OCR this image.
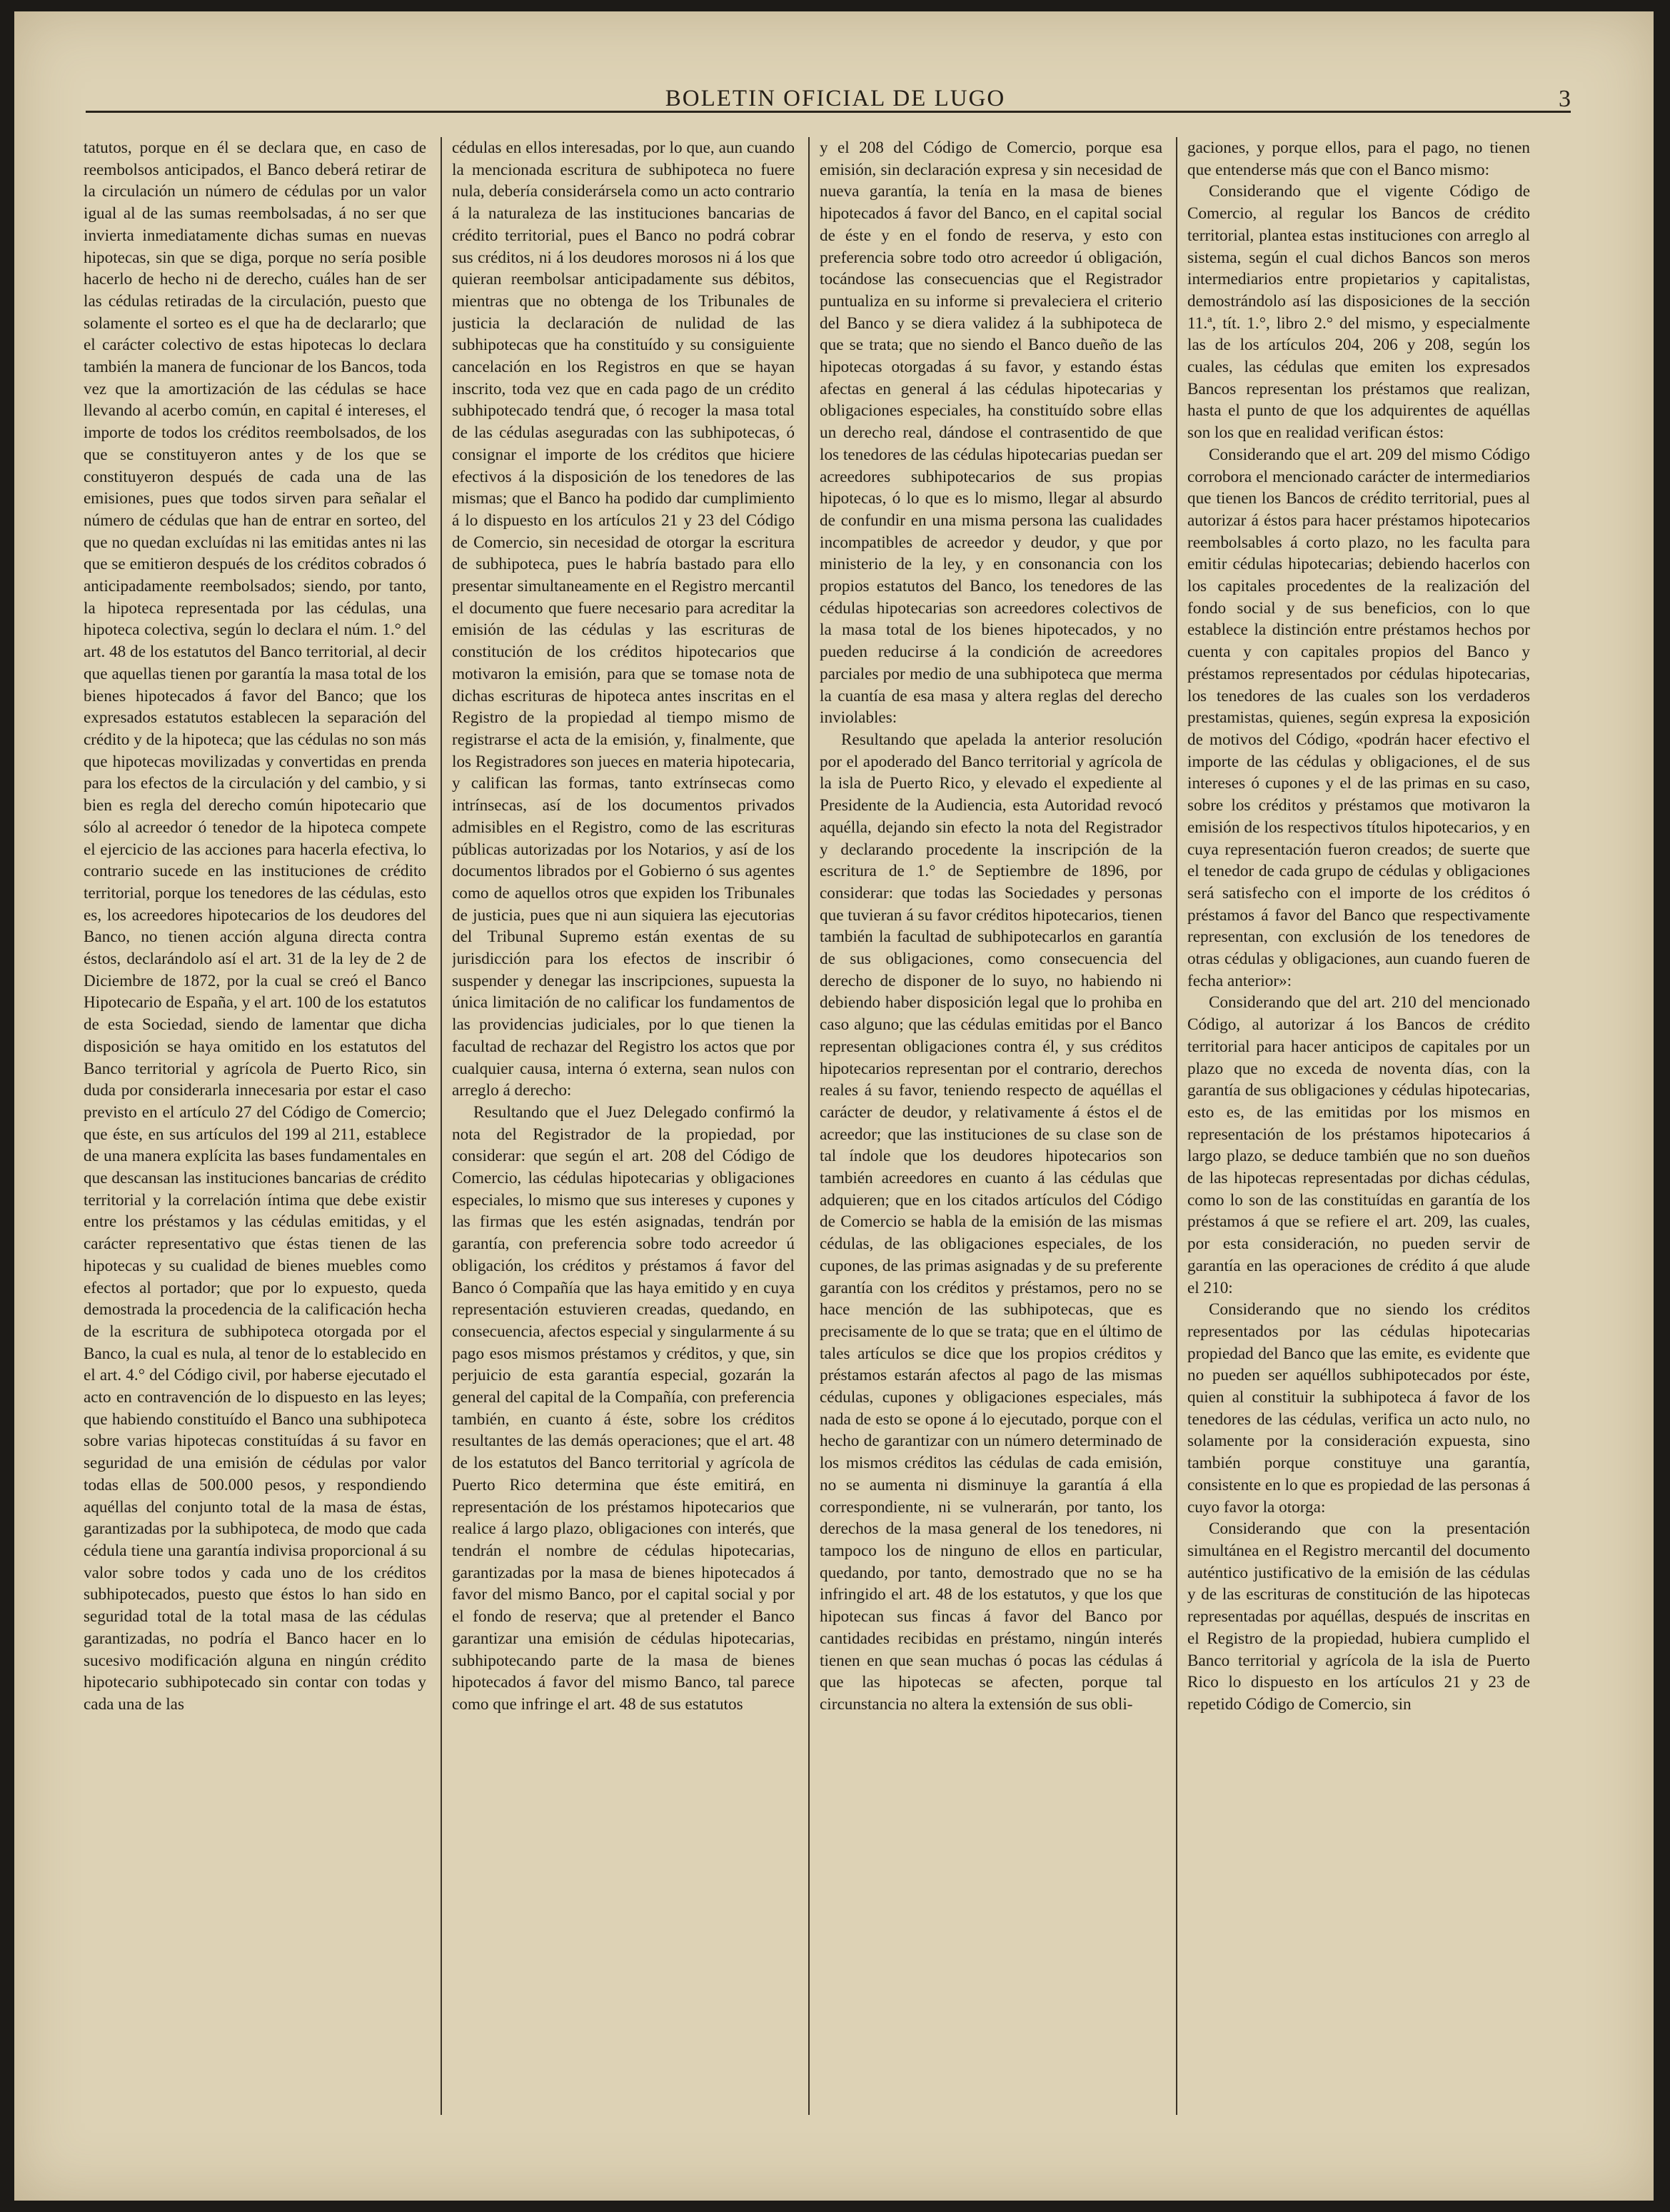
BOLETIN OFICIAL DE LUGO	3

tatutos, porque en él se declara que, en caso de reembolsos anticipados, el Banco deberá retirar de la circulación un número de cédulas por un valor igual al de las sumas reembolsadas, á no ser que invierta inmediatamente dichas sumas en nuevas hipotecas, sin que se diga, porque no sería posible hacerlo de hecho ni de derecho, cuáles han de ser las cédulas retiradas de la circulación, puesto que solamente el sorteo es el que ha de declararlo; que el carácter colectivo de estas hipotecas lo declara también la manera de funcionar de los Bancos, toda vez que la amortización de las cédulas se hace llevando al acerbo común, en capital é intereses, el importe de todos los créditos reembolsados, de los que se constituyeron antes y de los que se constituyeron después de cada una de las emisiones, pues que todos sirven para señalar el número de cédulas que han de entrar en sorteo, del que no quedan excluídas ni las emitidas antes ni las que se emitieron después de los créditos cobrados ó anticipadamente reembolsados; siendo, por tanto, la hipoteca representada por las cédulas, una hipoteca colectiva, según lo declara el núm. 1.° del art. 48 de los estatutos del Banco territorial, al decir que aquellas tienen por garantía la masa total de los bienes hipotecados á favor del Banco; que los expresados estatutos establecen la separación del crédito y de la hipoteca; que las cédulas no son más que hipotecas movilizadas y convertidas en prenda para los efectos de la circulación y del cambio, y si bien es regla del derecho común hipotecario que sólo al acreedor ó tenedor de la hipoteca compete el ejercicio de las acciones para hacerla efectiva, lo contrario sucede en las instituciones de crédito territorial, porque los tenedores de las cédulas, esto es, los acreedores hipotecarios de los deudores del Banco, no tienen acción alguna directa contra éstos, declarándolo así el art. 31 de la ley de 2 de Diciembre de 1872, por la cual se creó el Banco Hipotecario de España, y el art. 100 de los estatutos de esta Sociedad, siendo de lamentar que dicha disposición se haya omitido en los estatutos del Banco territorial y agrícola de Puerto Rico, sin duda por considerarla innecesaria por estar el caso previsto en el artículo 27 del Código de Comercio; que éste, en sus artículos del 199 al 211, establece de una manera explícita las bases fundamentales en que descansan las instituciones bancarias de crédito territorial y la correlación íntima que debe existir entre los préstamos y las cédulas emitidas, y el carácter representativo que éstas tienen de las hipotecas y su cualidad de bienes muebles como efectos al portador; que por lo expuesto, queda demostrada la procedencia de la calificación hecha de la escritura de subhipoteca otorgada por el Banco, la cual es nula, al tenor de lo establecido en el art. 4.° del Código civil, por haberse ejecutado el acto en contravención de lo dispuesto en las leyes; que habiendo constituído el Banco una subhipoteca sobre varias hipotecas constituídas á su favor en seguridad de una emisión de cédulas por valor todas ellas de 500.000 pesos, y respondiendo aquéllas del conjunto total de la masa de éstas, garantizadas por la subhipoteca, de modo que cada cédula tiene una garantía indivisa proporcional á su valor sobre todos y cada uno de los créditos subhipotecados, puesto que éstos lo han sido en seguridad total de la total masa de las cédulas garantizadas, no podría el Banco hacer en lo sucesivo modificación alguna en ningún crédito hipotecario subhipotecado sin contar con todas y cada una de las

cédulas en ellos interesadas, por lo que, aun cuando la mencionada escritura de subhipoteca no fuere nula, debería considerársela como un acto contrario á la naturaleza de las instituciones bancarias de crédito territorial, pues el Banco no podrá cobrar sus créditos, ni á los deudores morosos ni á los que quieran reembolsar anticipadamente sus débitos, mientras que no obtenga de los Tribunales de justicia la declaración de nulidad de las subhipotecas que ha constituído y su consiguiente cancelación en los Registros en que se hayan inscrito, toda vez que en cada pago de un crédito subhipotecado tendrá que, ó recoger la masa total de las cédulas aseguradas con las subhipotecas, ó consignar el importe de los créditos que hiciere efectivos á la disposición de los tenedores de las mismas; que el Banco ha podido dar cumplimiento á lo dispuesto en los artículos 21 y 23 del Código de Comercio, sin necesidad de otorgar la escritura de subhipoteca, pues le habría bastado para ello presentar simultaneamente en el Registro mercantil el documento que fuere necesario para acreditar la emisión de las cédulas y las escrituras de constitución de los créditos hipotecarios que motivaron la emisión, para que se tomase nota de dichas escrituras de hipoteca antes inscritas en el Registro de la propiedad al tiempo mismo de registrarse el acta de la emisión, y, finalmente, que los Registradores son jueces en materia hipotecaria, y califican las formas, tanto extrínsecas como intrínsecas, así de los documentos privados admisibles en el Registro, como de las escrituras públicas autorizadas por los Notarios, y así de los documentos librados por el Gobierno ó sus agentes como de aquellos otros que expiden los Tribunales de justicia, pues que ni aun siquiera las ejecutorias del Tribunal Supremo están exentas de su jurisdicción para los efectos de inscribir ó suspender y denegar las inscripciones, supuesta la única limitación de no calificar los fundamentos de las providencias judiciales, por lo que tienen la facultad de rechazar del Registro los actos que por cualquier causa, interna ó externa, sean nulos con arreglo á derecho:

Resultando que el Juez Delegado confirmó la nota del Registrador de la propiedad, por considerar: que según el art. 208 del Código de Comercio, las cédulas hipotecarias y obligaciones especiales, lo mismo que sus intereses y cupones y las firmas que les estén asignadas, tendrán por garantía, con preferencia sobre todo acreedor ú obligación, los créditos y préstamos á favor del Banco ó Compañía que las haya emitido y en cuya representación estuvieren creadas, quedando, en consecuencia, afectos especial y singularmente á su pago esos mismos préstamos y créditos, y que, sin perjuicio de esta garantía especial, gozarán la general del capital de la Compañía, con preferencia también, en cuanto á éste, sobre los créditos resultantes de las demás operaciones; que el art. 48 de los estatutos del Banco territorial y agrícola de Puerto Rico determina que éste emitirá, en representación de los préstamos hipotecarios que realice á largo plazo, obligaciones con interés, que tendrán el nombre de cédulas hipotecarias, garantizadas por la masa de bienes hipotecados á favor del mismo Banco, por el capital social y por el fondo de reserva; que al pretender el Banco garantizar una emisión de cédulas hipotecarias, subhipotecando parte de la masa de bienes hipotecados á favor del mismo Banco, tal parece como que infringe el art. 48 de sus estatutos

y el 208 del Código de Comercio, porque esa emisión, sin declaración expresa y sin necesidad de nueva garantía, la tenía en la masa de bienes hipotecados á favor del Banco, en el capital social de éste y en el fondo de reserva, y esto con preferencia sobre todo otro acreedor ú obligación, tocándose las consecuencias que el Registrador puntualiza en su informe si prevaleciera el criterio del Banco y se diera validez á la subhipoteca de que se trata; que no siendo el Banco dueño de las hipotecas otorgadas á su favor, y estando éstas afectas en general á las cédulas hipotecarias y obligaciones especiales, ha constituído sobre ellas un derecho real, dándose el contrasentido de que los tenedores de las cédulas hipotecarias puedan ser acreedores subhipotecarios de sus propias hipotecas, ó lo que es lo mismo, llegar al absurdo de confundir en una misma persona las cualidades incompatibles de acreedor y deudor, y que por ministerio de la ley, y en consonancia con los propios estatutos del Banco, los tenedores de las cédulas hipotecarias son acreedores colectivos de la masa total de los bienes hipotecados, y no pueden reducirse á la condición de acreedores parciales por medio de una subhipoteca que merma la cuantía de esa masa y altera reglas del derecho inviolables:

Resultando que apelada la anterior resolución por el apoderado del Banco territorial y agrícola de la isla de Puerto Rico, y elevado el expediente al Presidente de la Audiencia, esta Autoridad revocó aquélla, dejando sin efecto la nota del Registrador y declarando procedente la inscripción de la escritura de 1.° de Septiembre de 1896, por considerar: que todas las Sociedades y personas que tuvieran á su favor créditos hipotecarios, tienen también la facultad de subhipotecarlos en garantía de sus obligaciones, como consecuencia del derecho de disponer de lo suyo, no habiendo ni debiendo haber disposición legal que lo prohiba en caso alguno; que las cédulas emitidas por el Banco representan obligaciones contra él, y sus créditos hipotecarios representan por el contrario, derechos reales á su favor, teniendo respecto de aquéllas el carácter de deudor, y relativamente á éstos el de acreedor; que las instituciones de su clase son de tal índole que los deudores hipotecarios son también acreedores en cuanto á las cédulas que adquieren; que en los citados artículos del Código de Comercio se habla de la emisión de las mismas cédulas, de las obligaciones especiales, de los cupones, de las primas asignadas y de su preferente garantía con los créditos y préstamos, pero no se hace mención de las subhipotecas, que es precisamente de lo que se trata; que en el último de tales artículos se dice que los propios créditos y préstamos estarán afectos al pago de las mismas cédulas, cupones y obligaciones especiales, más nada de esto se opone á lo ejecutado, porque con el hecho de garantizar con un número determinado de los mismos créditos las cédulas de cada emisión, no se aumenta ni disminuye la garantía á ella correspondiente, ni se vulnerarán, por tanto, los derechos de la masa general de los tenedores, ni tampoco los de ninguno de ellos en particular, quedando, por tanto, demostrado que no se ha infringido el art. 48 de los estatutos, y que los que hipotecan sus fincas á favor del Banco por cantidades recibidas en préstamo, ningún interés tienen en que sean muchas ó pocas las cédulas á que las hipotecas se afecten, porque tal circunstancia no altera la extensión de sus obli-

gaciones, y porque ellos, para el pago, no tienen que entenderse más que con el Banco mismo:

Considerando que el vigente Código de Comercio, al regular los Bancos de crédito territorial, plantea estas instituciones con arreglo al sistema, según el cual dichos Bancos son meros intermediarios entre propietarios y capitalistas, demostrándolo así las disposiciones de la sección 11.ª, tít. 1.°, libro 2.° del mismo, y especialmente las de los artículos 204, 206 y 208, según los cuales, las cédulas que emiten los expresados Bancos representan los préstamos que realizan, hasta el punto de que los adquirentes de aquéllas son los que en realidad verifican éstos:

Considerando que el art. 209 del mismo Código corrobora el mencionado carácter de intermediarios que tienen los Bancos de crédito territorial, pues al autorizar á éstos para hacer préstamos hipotecarios reembolsables á corto plazo, no les faculta para emitir cédulas hipotecarias; debiendo hacerlos con los capitales procedentes de la realización del fondo social y de sus beneficios, con lo que establece la distinción entre préstamos hechos por cuenta y con capitales propios del Banco y préstamos representados por cédulas hipotecarias, los tenedores de las cuales son los verdaderos prestamistas, quienes, según expresa la exposición de motivos del Código, «podrán hacer efectivo el importe de las cédulas y obligaciones, el de sus intereses ó cupones y el de las primas en su caso, sobre los créditos y préstamos que motivaron la emisión de los respectivos títulos hipotecarios, y en cuya representación fueron creados; de suerte que el tenedor de cada grupo de cédulas y obligaciones será satisfecho con el importe de los créditos ó préstamos á favor del Banco que respectivamente representan, con exclusión de los tenedores de otras cédulas y obligaciones, aun cuando fueren de fecha anterior»:

Considerando que del art. 210 del mencionado Código, al autorizar á los Bancos de crédito territorial para hacer anticipos de capitales por un plazo que no exceda de noventa días, con la garantía de sus obligaciones y cédulas hipotecarias, esto es, de las emitidas por los mismos en representación de los préstamos hipotecarios á largo plazo, se deduce también que no son dueños de las hipotecas representadas por dichas cédulas, como lo son de las constituídas en garantía de los préstamos á que se refiere el art. 209, las cuales, por esta consideración, no pueden servir de garantía en las operaciones de crédito á que alude el 210:

Considerando que no siendo los créditos representados por las cédulas hipotecarias propiedad del Banco que las emite, es evidente que no pueden ser aquéllos subhipotecados por éste, quien al constituir la subhipoteca á favor de los tenedores de las cédulas, verifica un acto nulo, no solamente por la consideración expuesta, sino también porque constituye una garantía, consistente en lo que es propiedad de las personas á cuyo favor la otorga:

Considerando que con la presentación simultánea en el Registro mercantil del documento auténtico justificativo de la emisión de las cédulas y de las escrituras de constitución de las hipotecas representadas por aquéllas, después de inscritas en el Registro de la propiedad, hubiera cumplido el Banco territorial y agrícola de la isla de Puerto Rico lo dispuesto en los artículos 21 y 23 de repetido Código de Comercio, sin
